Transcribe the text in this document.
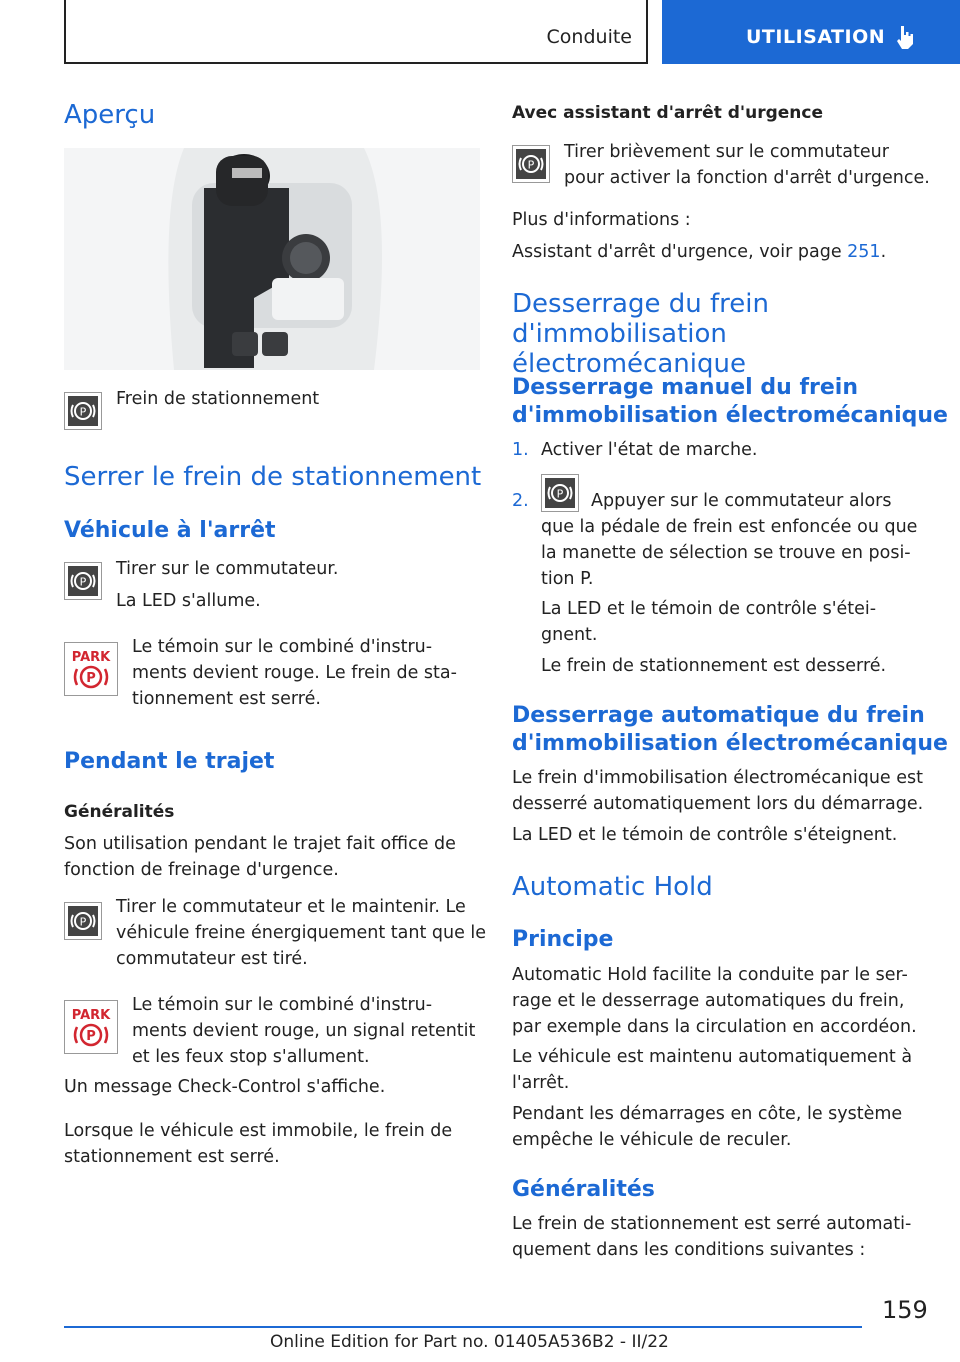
Conduite	UTILISATION
Aperçu
P

Frein de stationnement

Serrer le frein de stationnement
Véhicule à l'arrêt
P

Tirer sur le commutateur.

La LED s'allume.

PARK
P

Le témoin sur le combiné d'instru-
ments devient rouge. Le frein de sta-
tionnement est serré.

Pendant le trajet

Généralités

Son utilisation pendant le trajet fait office de
fonction de freinage d'urgence.

P

Tirer le commutateur et le maintenir. Le
véhicule freine énergiquement tant que le
commutateur est tiré.

PARK
P

Le témoin sur le combiné d'instru-
ments devient rouge, un signal retentit
et les feux stop s'allument.

Un message Check-Control s'affiche.

Lorsque le véhicule est immobile, le frein de
stationnement est serré.

Avec assistant d'arrêt d'urgence

P

Tirer brièvement sur le commutateur
pour activer la fonction d'arrêt d'urgence.

Plus d'informations :

Assistant d'arrêt d'urgence, voir page 251.

Desserrage du frein
d'immobilisation électromécanique
Desserrage manuel du frein
d'immobilisation électromécanique
1. Activer l'état de marche.

2.	P	Appuyer sur le commutateur alors
que la pédale de frein est enfoncée ou que
la manette de sélection se trouve en posi-
tion P.

La LED et le témoin de contrôle s'étei-
gnent.

Le frein de stationnement est desserré.

Desserrage automatique du frein
d'immobilisation électromécanique

Le frein d'immobilisation électromécanique est
desserré automatiquement lors du démarrage.

La LED et le témoin de contrôle s'éteignent.

Automatic Hold
Principe

Automatic Hold facilite la conduite par le ser-
rage et le desserrage automatiques du frein,
par exemple dans la circulation en accordéon.

Le véhicule est maintenu automatiquement à
l'arrêt.

Pendant les démarrages en côte, le système
empêche le véhicule de reculer.

Généralités

Le frein de stationnement est serré automati-
quement dans les conditions suivantes :

159
Online Edition for Part no. 01405A536B2 - II/22
